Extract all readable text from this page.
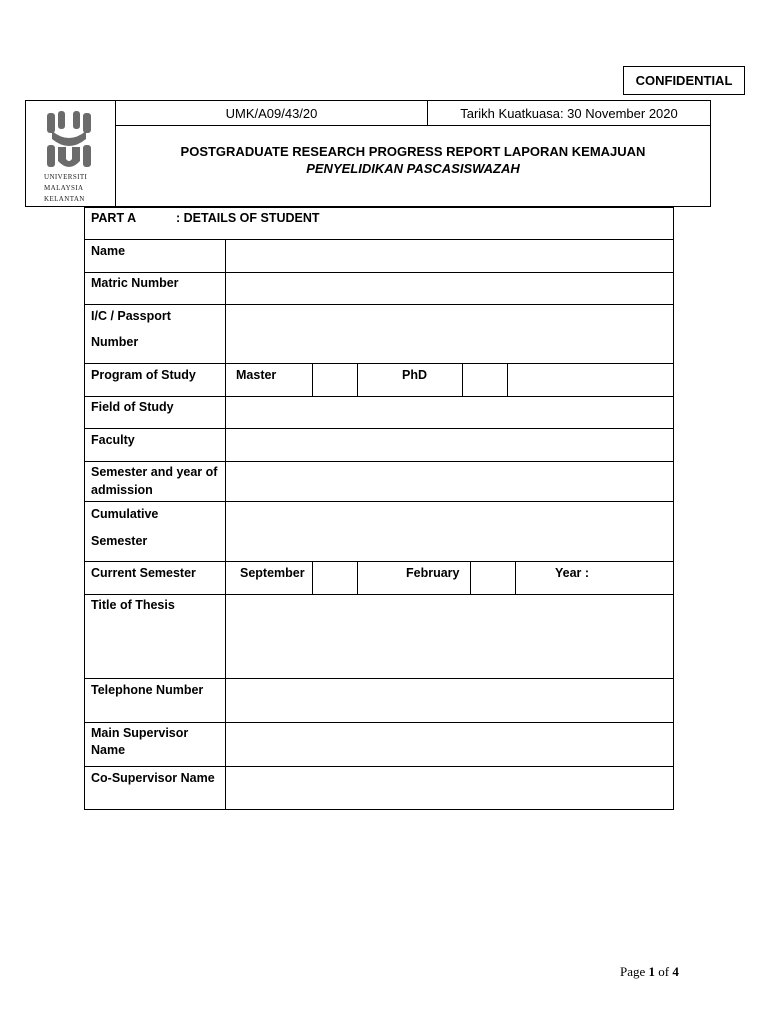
CONFIDENTIAL
UNIVERSITI
MALAYSIA
KELANTAN
UMK/A09/43/20	Tarikh Kuatkuasa: 30 November 2020
POSTGRADUATE RESEARCH PROGRESS REPORT LAPORAN KEMAJUAN
PENYELIDIKAN PASCASISWAZAH
PART A	: DETAILS OF STUDENT
Name
Matric Number
I/C / Passport
Number
Program of Study	Master	PhD
Field of Study
Faculty
Semester and year of
admission
Cumulative
Semester
Current Semester	September	February	Year :
Title of Thesis
Telephone Number
Main Supervisor
Name
Co-Supervisor Name
Page 1 of 4
